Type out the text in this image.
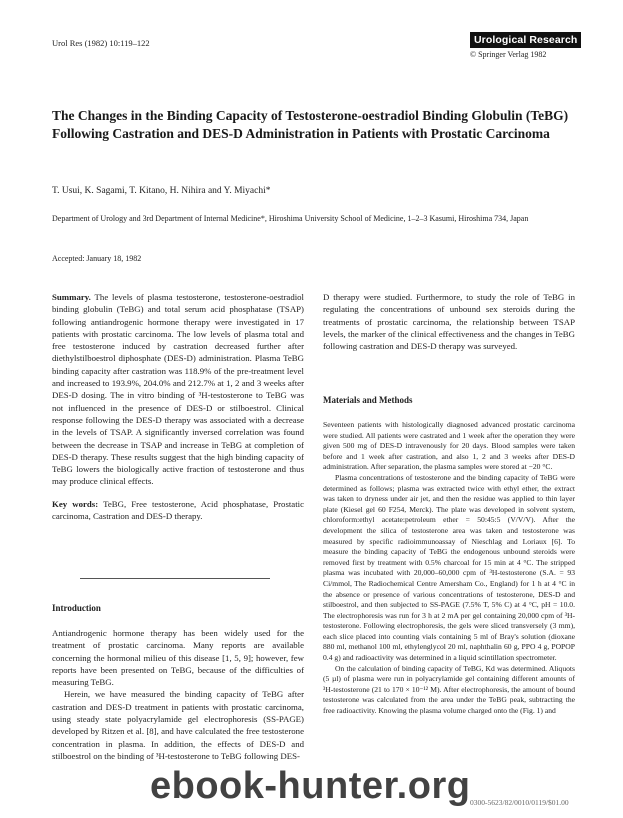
Urol Res (1982) 10:119–122	Urological Research
© Springer Verlag 1982
The Changes in the Binding Capacity of Testosterone-oestradiol Binding Globulin (TeBG) Following Castration and DES-D Administration in Patients with Prostatic Carcinoma
T. Usui, K. Sagami, T. Kitano, H. Nihira and Y. Miyachi*
Department of Urology and 3rd Department of Internal Medicine*, Hiroshima University School of Medicine, 1–2–3 Kasumi, Hiroshima 734, Japan
Accepted: January 18, 1982

Summary. The levels of plasma testosterone, testosterone-oestradiol binding globulin (TeBG) and total serum acid phosphatase (TSAP) following antiandrogenic hormone therapy were investigated in 17 patients with prostatic carcinoma. The low levels of plasma total and free testosterone induced by castration decreased further after diethylstilboestrol diphosphate (DES-D) administration. Plasma TeBG binding capacity after castration was 118.9% of the pre-treatment level and increased to 193.9%, 204.0% and 212.7% at 1, 2 and 3 weeks after DES-D dosing. The in vitro binding of ³H-testosterone to TeBG was not influenced in the presence of DES-D or stilboestrol. Clinical response following the DES-D therapy was associated with a decrease in the levels of TSAP. A significantly inversed correlation was found between the decrease in TSAP and increase in TeBG at completion of DES-D therapy. These results suggest that the high binding capacity of TeBG lowers the biologically active fraction of testosterone and thus may produce clinical effects.

Key words: TeBG, Free testosterone, Acid phosphatase, Prostatic carcinoma, Castration and DES-D therapy.

Introduction

Antiandrogenic hormone therapy has been widely used for the treatment of prostatic carcinoma. Many reports are available concerning the hormonal milieu of this disease [1, 5, 9]; however, few reports have been presented on TeBG, because of the difficulties of measuring TeBG.

Herein, we have measured the binding capacity of TeBG after castration and DES-D treatment in patients with prostatic carcinoma, using steady state polyacrylamide gel electrophoresis (SS-PAGE) developed by Ritzen et al. [8], and have calculated the free testosterone concentration in plasma. In addition, the effects of DES-D and stilboestrol on the binding of ³H-testosterone to TeBG following DES-

D therapy were studied. Furthermore, to study the role of TeBG in regulating the concentrations of unbound sex steroids during the treatments of prostatic carcinoma, the relationship between TSAP levels, the marker of the clinical effectiveness and the changes in TeBG following castration and DES-D therapy was surveyed.

Materials and Methods

Seventeen patients with histologically diagnosed advanced prostatic carcinoma were studied. All patients were castrated and 1 week after the operation they were given 500 mg of DES-D intravenously for 20 days. Blood samples were taken before and 1 week after castration, and also 1, 2 and 3 weeks after DES-D administration. After separation, the plasma samples were stored at −20 °C.

Plasma concentrations of testosterone and the binding capacity of TeBG were determined as follows; plasma was extracted twice with ethyl ether, the extract was taken to dryness under air jet, and then the residue was applied to thin layer plate (Kiesel gel 60 F254, Merck). The plate was developed in solvent system, chloroform:ethyl acetate:petroleum ether = 50:45:5 (V/V/V). After the development the silica of testosterone area was taken and testosterone was measured by specific radioimmunoassay of Nieschlag and Loriaux [6]. To measure the binding capacity of TeBG the endogenous unbound steroids were removed first by treatment with 0.5% charcoal for 15 min at 4 °C. The stripped plasma was incubated with 20,000–60,000 cpm of ³H-testosterone (S.A. = 93 Ci/mmol, The Radiochemical Centre Amersham Co., England) for 1 h at 4 °C in the absence or presence of various concentrations of testosterone, DES-D and stilboestrol, and then subjected to SS-PAGE (7.5% T, 5% C) at 4 °C, pH = 10.0. The electrophoresis was run for 3 h at 2 mA per gel containing 20,000 cpm of ³H-testosterone. Following electrophoresis, the gels were sliced transversely (3 mm), each slice placed into counting vials containing 5 ml of Bray's solution (dioxane 880 ml, methanol 100 ml, ethylenglycol 20 ml, naphthalin 60 g, PPO 4 g, POPOP 0.4 g) and radioactivity was determined in a liquid scintillation spectrometer.

On the calculation of binding capacity of TeBG, Kd was determined. Aliquots (5 µl) of plasma were run in polyacrylamide gel containing different amounts of ³H-testosterone (21 to 170 × 10⁻¹² M). After electrophoresis, the amount of bound testosterone was calculated from the area under the TeBG peak, subtracting the free radioactivity. Knowing the plasma volume charged onto the (Fig. 1) and

0300-5623/82/0010/0119/$01.00
ebook-hunter.org
